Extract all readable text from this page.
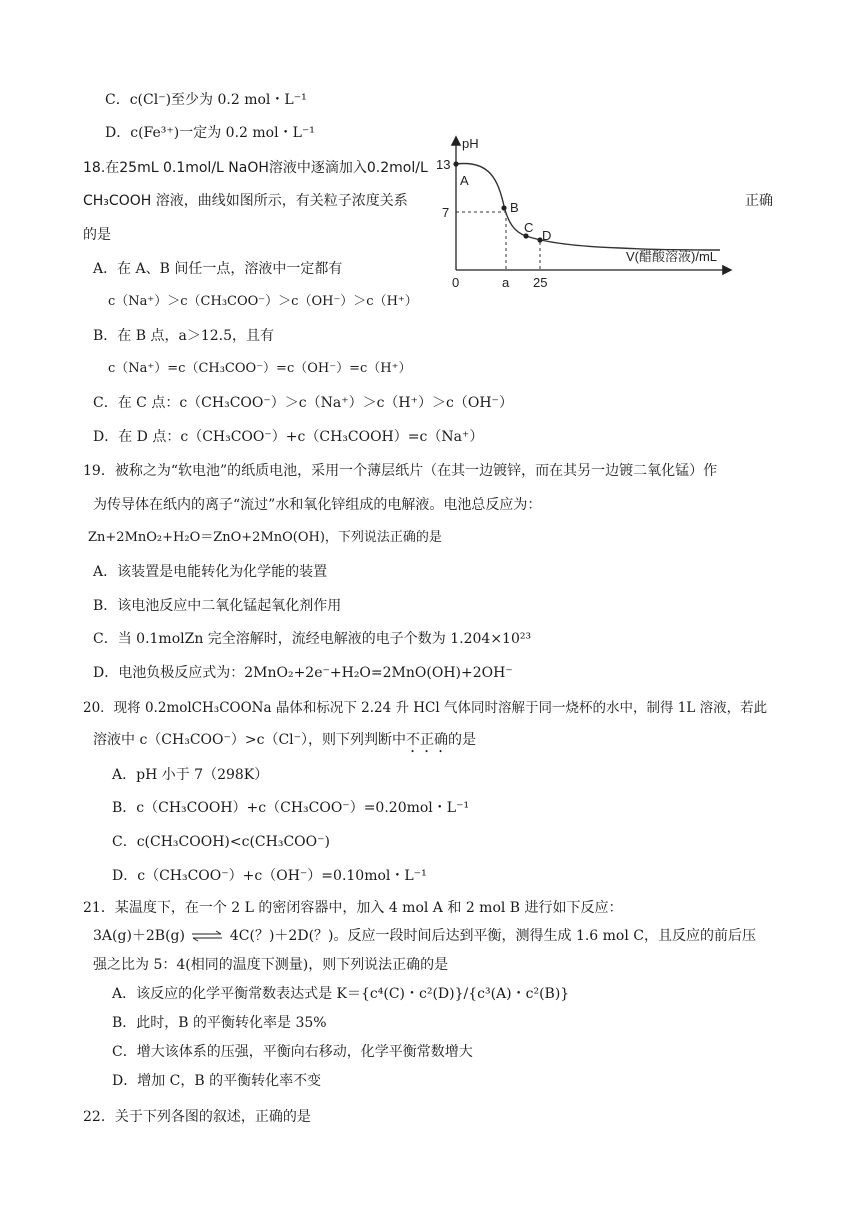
C．c(Cl⁻)至少为 0.2 mol・L⁻¹
D．c(Fe³⁺)一定为 0.2 mol・L⁻¹
18.在25mL 0.1mol/L NaOH溶液中逐滴加入0.2mol/L
CH₃COOH 溶液，曲线如图所示，有关粒子浓度关系	正确
的是
A．在 A、B 间任一点，溶液中一定都有
c（Na⁺）＞c（CH₃COO⁻）＞c（OH⁻）＞c（H⁺）
B．在 B 点，a＞12.5，且有
c（Na⁺）=c（CH₃COO⁻）=c（OH⁻）=c（H⁺）
C．在 C 点：c（CH₃COO⁻）＞c（Na⁺）＞c（H⁺）＞c（OH⁻）
D．在 D 点：c（CH₃COO⁻）+c（CH₃COOH）=c（Na⁺）
pH
13
7
0	a 25
A
B
C
D
V(醋酸溶液)/mL
19．被称之为“软电池”的纸质电池，采用一个薄层纸片（在其一边镀锌，而在其另一边镀二氧化锰）作
为传导体在纸内的离子“流过”水和氧化锌组成的电解液。电池总反应为：
Zn+2MnO₂+H₂O＝ZnO+2MnO(OH)，下列说法正确的是
A．该装置是电能转化为化学能的装置
B．该电池反应中二氧化锰起氧化剂作用
C．当 0.1molZn 完全溶解时，流经电解液的电子个数为 1.204×10²³
D．电池负极反应式为：2MnO₂+2e⁻+H₂O=2MnO(OH)+2OH⁻
20．现将 0.2molCH₃COONa 晶体和标况下 2.24 升 HCl 气体同时溶解于同一烧杯的水中，制得 1L 溶液，若此
溶液中 c（CH₃COO⁻）>c（Cl⁻），则下列判断中不正确的是
A．pH 小于 7（298K）
B．c（CH₃COOH）+c（CH₃COO⁻）=0.20mol・L⁻¹
C．c(CH₃COOH)<c(CH₃COO⁻)
D．c（CH₃COO⁻）+c（OH⁻）=0.10mol・L⁻¹
21．某温度下，在一个 2 L 的密闭容器中，加入 4 mol A 和 2 mol B 进行如下反应：
3A(g)＋2B(g) ⇌ 4C(？)＋2D(？)。反应一段时间后达到平衡，测得生成 1.6 mol C，且反应的前后压
强之比为 5：4(相同的温度下测量)，则下列说法正确的是
A．该反应的化学平衡常数表达式是 K＝{c⁴(C)・c²(D)}/{c³(A)・c²(B)}
B．此时，B 的平衡转化率是 35%
C．增大该体系的压强，平衡向右移动，化学平衡常数增大
D．增加 C，B 的平衡转化率不变
22．关于下列各图的叙述，正确的是
